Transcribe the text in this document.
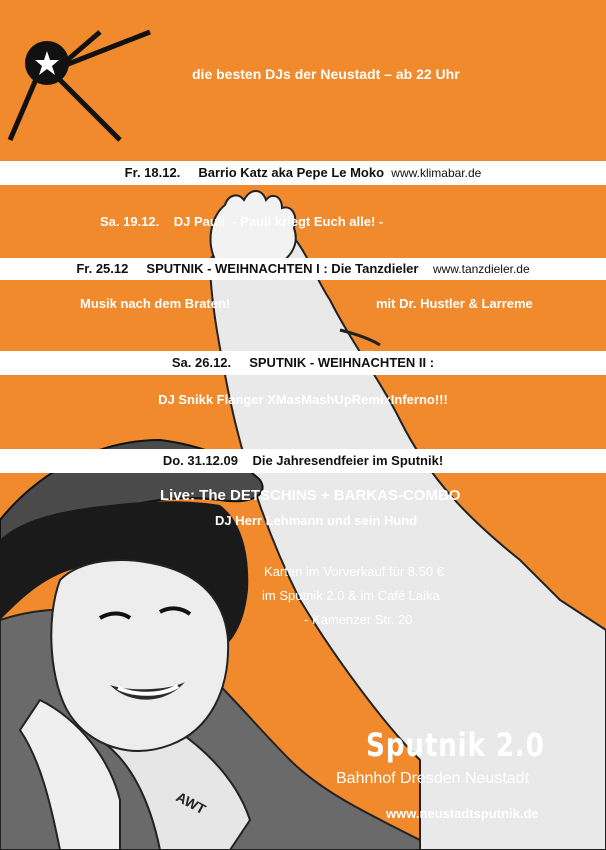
AWT
die besten DJs der Neustadt – ab 22 Uhr
Fr. 18.12. Barrio Katz aka Pepe Le Moko www.klimabar.de
Sa. 19.12.    DJ Pauli  - Pauli kriegt Euch alle! -
Fr. 25.12 SPUTNIK - WEIHNACHTEN I : Die Tanzdieler www.tanzdieler.de
Musik nach dem Braten!	mit Dr. Hustler & Larreme
Sa. 26.12. SPUTNIK - WEIHNACHTEN II :
DJ Snikk Flanger XMasMashUpRemixInferno!!!
Do. 31.12.09 Die Jahresendfeier im Sputnik!
Live: The DETSCHINS + BARKAS-COMBO
DJ Herr Lehmann und sein Hund
Karten im Vorverkauf für 8.50 €
im Sputnik 2.0 & im Café Laika
- Kamenzer Str. 20
Sputnik 2.0
Bahnhof Dresden Neustadt
www.neustadtsputnik.de
